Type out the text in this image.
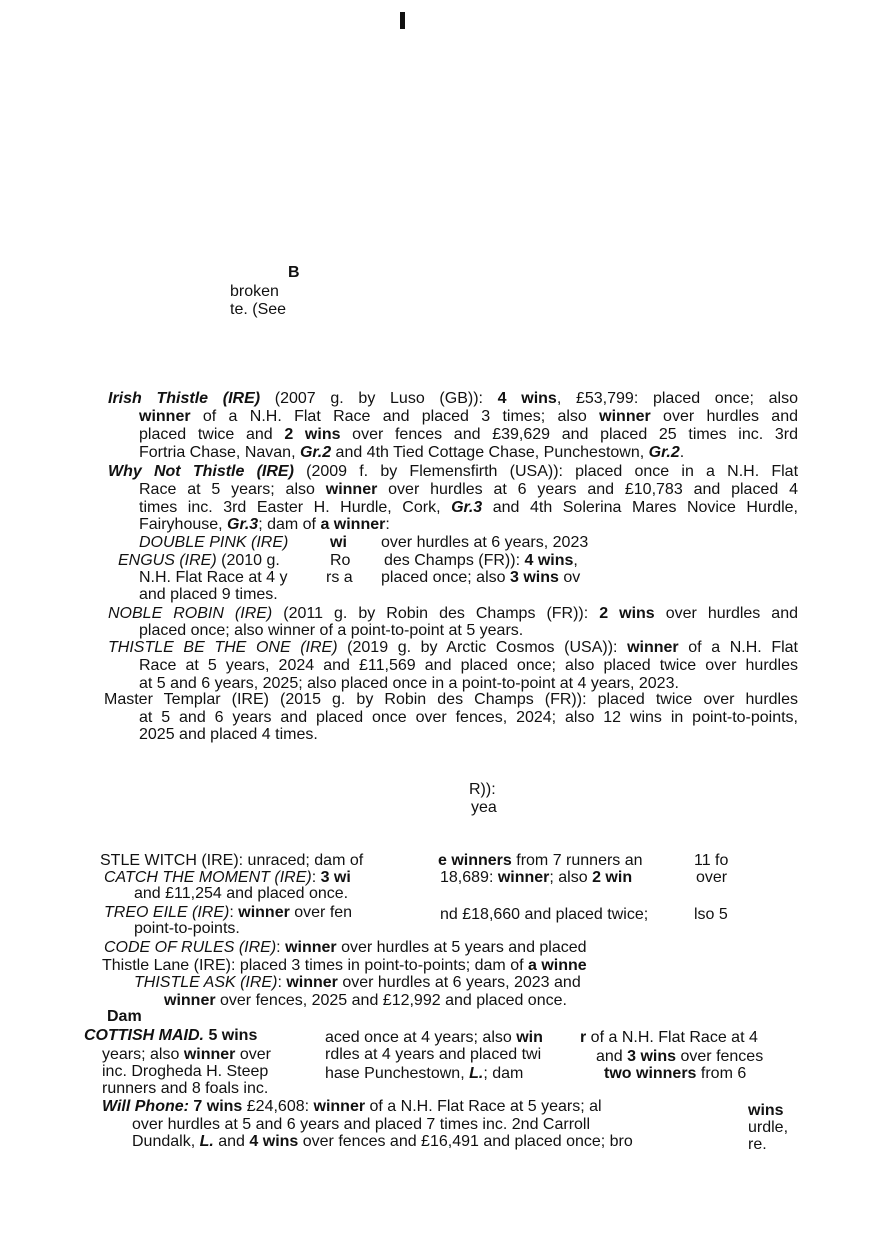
B
broken
te. (See
Irish Thistle (IRE) (2007 g. by Luso (GB)): 4 wins, £53,799: placed once; also
winner of a N.H. Flat Race and placed 3 times; also winner over hurdles and
placed twice and 2 wins over fences and £39,629 and placed 25 times inc. 3rd
Fortria Chase, Navan, Gr.2 and 4th Tied Cottage Chase, Punchestown, Gr.2.
Why Not Thistle (IRE) (2009 f. by Flemensfirth (USA)): placed once in a N.H. Flat
Race at 5 years; also winner over hurdles at 6 years and £10,783 and placed 4
times inc. 3rd Easter H. Hurdle, Cork, Gr.3 and 4th Solerina Mares Novice Hurdle,
Fairyhouse, Gr.3; dam of a winner:
DOUBLE PINK (IRE)	wi over hurdles at 6 years, 2023
ENGUS (IRE) (2010 g.	Ro des Champs (FR)): 4 wins,
N.H. Flat Race at 4 y rs a placed once; also 3 wins ov
and placed 9 times.
NOBLE ROBIN (IRE) (2011 g. by Robin des Champs (FR)): 2 wins over hurdles and
placed once; also winner of a point-to-point at 5 years.
THISTLE BE THE ONE (IRE) (2019 g. by Arctic Cosmos (USA)): winner of a N.H. Flat
Race at 5 years, 2024 and £11,569 and placed once; also placed twice over hurdles
at 5 and 6 years, 2025; also placed once in a point-to-point at 4 years, 2023.
Master Templar (IRE) (2015 g. by Robin des Champs (FR)): placed twice over hurdles
at 5 and 6 years and placed once over fences, 2024; also 12 wins in point-to-points,
2025 and placed 4 times.
R)):
yea
STLE WITCH (IRE): unraced; dam of	e winners from 7 runners an	11 fo
CATCH THE MOMENT (IRE): 3 wi	18,689: winner; also 2 win	over
and £11,254 and placed once.
TREO EILE (IRE): winner over fen	nd £18,660 and placed twice;	lso 5
point-to-points.
CODE OF RULES (IRE): winner over hurdles at 5 years and placed
Thistle Lane (IRE): placed 3 times in point-to-points; dam of a winne
THISTLE ASK (IRE): winner over hurdles at 6 years, 2023 and
winner over fences, 2025 and £12,992 and placed once.
Dam
COTTISH MAID. 5 wins	aced once at 4 years; also win r of a N.H. Flat Race at 4
years; also winner over	rdles at 4 years and placed twi	and 3 wins over fences
inc. Drogheda H. Steep	hase Punchestown, L.; dam	two winners from 6
runners and 8 foals inc.
Will Phone: 7 wins £24,608: winner of a N.H. Flat Race at 5 years; al	wins
over hurdles at 5 and 6 years and placed 7 times inc. 2nd Carroll	urdle,
Dundalk, L. and 4 wins over fences and £16,491 and placed once; bro	re.
